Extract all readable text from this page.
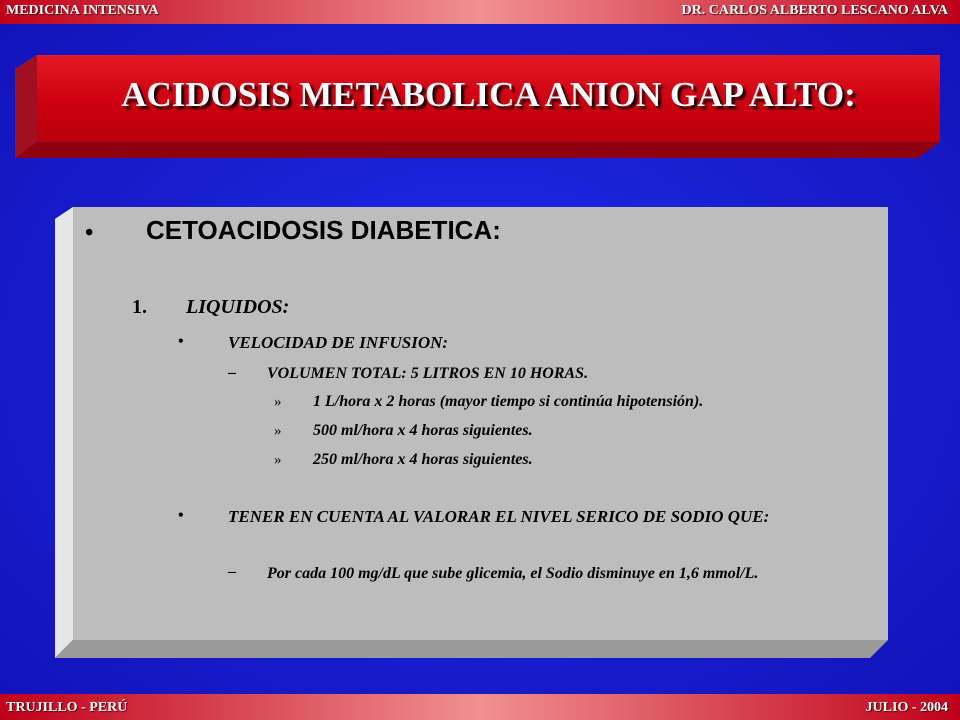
MEDICINA INTENSIVA	DR. CARLOS ALBERTO LESCANO ALVA
ACIDOSIS METABOLICA ANION GAP ALTO:
• CETOACIDOSIS DIABETICA:
1. LIQUIDOS:
•	VELOCIDAD DE INFUSION:
– VOLUMEN TOTAL: 5 LITROS EN 10 HORAS.
» 1 L/hora x 2 horas (mayor tiempo si continúa hipotensión).
» 500 ml/hora x 4 horas siguientes.
» 250 ml/hora x 4 horas siguientes.
•	TENER EN CUENTA AL VALORAR EL NIVEL SERICO DE SODIO QUE:
– Por cada 100 mg/dL que sube glicemia, el Sodio disminuye en 1,6 mmol/L.
TRUJILLO - PERÚ	JULIO - 2004
